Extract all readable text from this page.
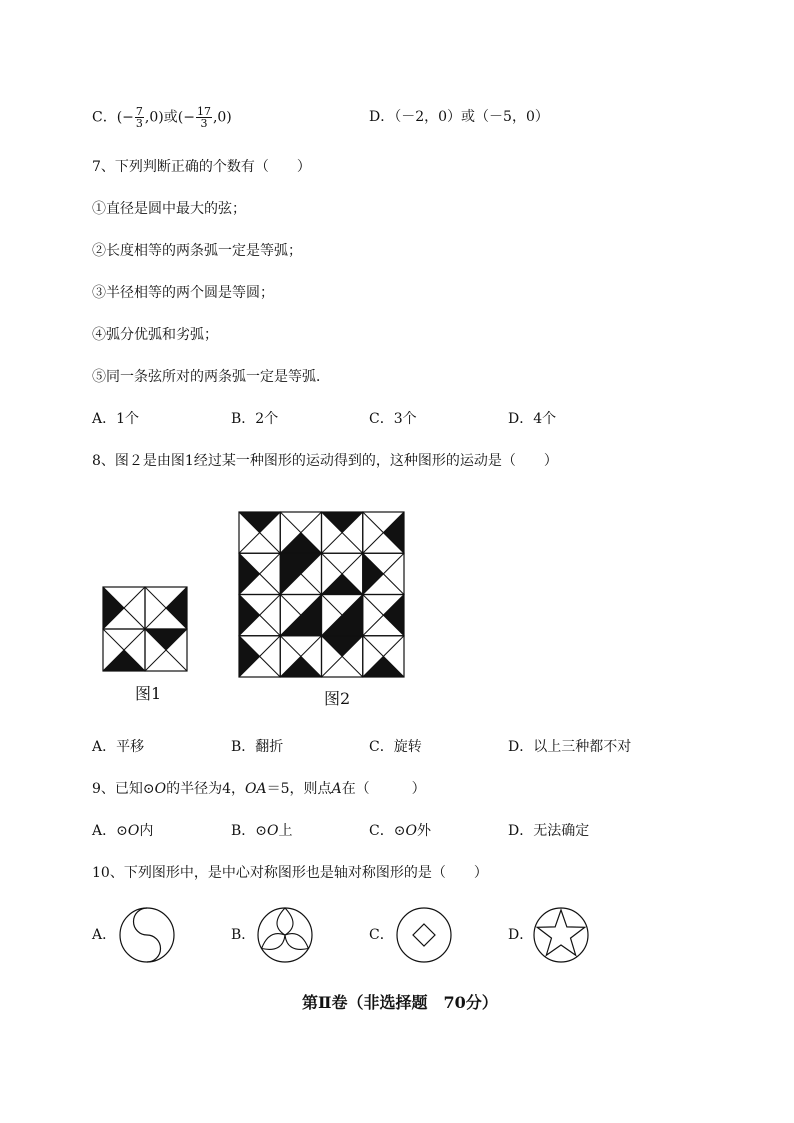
C．(− $\frac{7}{3} ,0$)或(− $\frac{17}{3} ,0$)	D．（－2，0）或（－5，0）
7、下列判断正确的个数有（　　）
①直径是圆中最大的弦；
②长度相等的两条弧一定是等弧；
③半径相等的两个圆是等圆；
④弧分优弧和劣弧；
⑤同一条弦所对的两条弧一定是等弧．
A．1个	B．2个	C．3个	D．4个
8、图２是由图1经过某一种图形的运动得到的，这种图形的运动是（　　）
图1	图2
A．平移	B．翻折	C．旋转	D．以上三种都不对
9、已知⊙O的半径为4，OA＝5，则点A在（　　　）
A．⊙O内	B．⊙O上	C．⊙O外	D．无法确定
10、下列图形中，是中心对称图形也是轴对称图形的是（　　）
A．	B．	C．	D．
第Ⅱ卷（非选择题　70分）
